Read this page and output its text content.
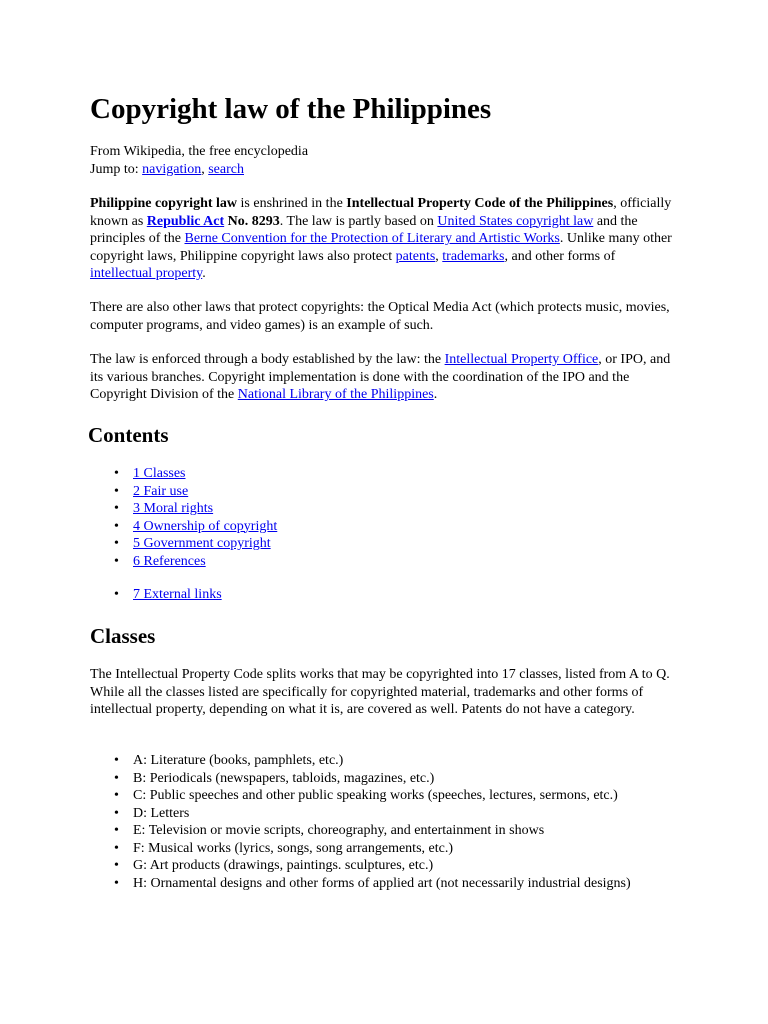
Copyright law of the Philippines
From Wikipedia, the free encyclopedia
Jump to: navigation, search

Philippine copyright law is enshrined in the Intellectual Property Code of the Philippines, officially known as Republic Act No. 8293. The law is partly based on United States copyright law and the principles of the Berne Convention for the Protection of Literary and Artistic Works. Unlike many other copyright laws, Philippine copyright laws also protect patents, trademarks, and other forms of intellectual property.

There are also other laws that protect copyrights: the Optical Media Act (which protects music, movies, computer programs, and video games) is an example of such.

The law is enforced through a body established by the law: the Intellectual Property Office, or IPO, and its various branches. Copyright implementation is done with the coordination of the IPO and the Copyright Division of the National Library of the Philippines.

Contents
• 1 Classes
• 2 Fair use
• 3 Moral rights
• 4 Ownership of copyright
• 5 Government copyright
• 6 References
• 7 External links
Classes

The Intellectual Property Code splits works that may be copyrighted into 17 classes, listed from A to Q. While all the classes listed are specifically for copyrighted material, trademarks and other forms of intellectual property, depending on what it is, are covered as well. Patents do not have a category.

• A: Literature (books, pamphlets, etc.)
• B: Periodicals (newspapers, tabloids, magazines, etc.)
• C: Public speeches and other public speaking works (speeches, lectures, sermons, etc.)
• D: Letters
• E: Television or movie scripts, choreography, and entertainment in shows
• F: Musical works (lyrics, songs, song arrangements, etc.)
• G: Art products (drawings, paintings. sculptures, etc.)
• H: Ornamental designs and other forms of applied art (not necessarily industrial designs)
